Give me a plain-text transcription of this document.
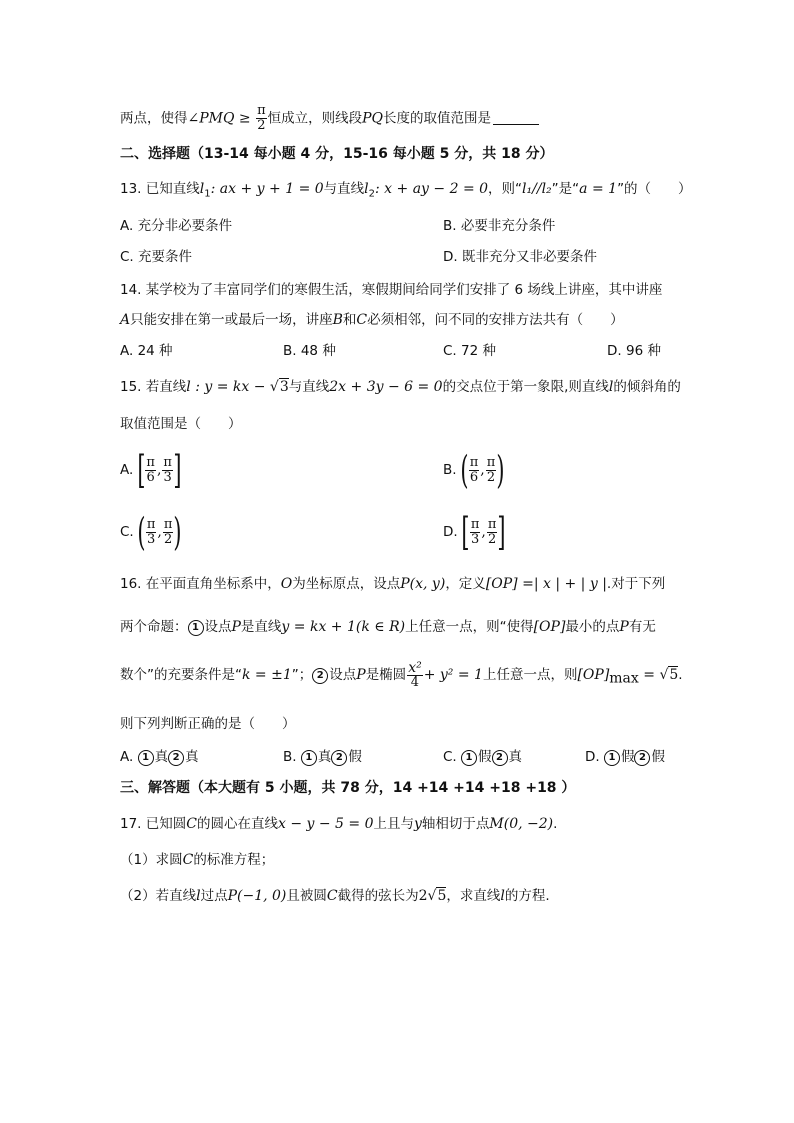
两点，使得∠PMQ ≥ $\frac{\pi}{2}$ 恒成立，则线段PQ长度的取值范围是
二、选择题（13-14 每小题 4 分，15-16 每小题 5 分，共 18 分）
13. 已知直线$l_1$: ax + y + 1 = 0与直线$l_2$: x + ay − 2 = 0，则“l₁//l₂”是“a = 1”的（　　）
A. 充分非必要条件	B. 必要非充分条件
C. 充要条件	D. 既非充分又非必要条件
14. 某学校为了丰富同学们的寒假生活，寒假期间给同学们安排了 6 场线上讲座，其中讲座
A只能安排在第一或最后一场，讲座B和C必须相邻，问不同的安排方法共有（　　）
A. 24 种	B. 48 种	C. 72 种	D. 96 种
15. 若直线l : y = kx − √3与直线2x + 3y − 6 = 0的交点位于第一象限,则直线l的倾斜角的
取值范围是（　　）
A. [ $\frac{\pi}{6}$ , $\frac{\pi}{3}$ ]	B. ( $\frac{\pi}{6}$ , $\frac{\pi}{2}$ )
C. ( $\frac{\pi}{3}$ , $\frac{\pi}{2}$ )	D. [ $\frac{\pi}{3}$ , $\frac{\pi}{2}$ ]
16. 在平面直角坐标系中，O为坐标原点，设点P(x, y)，定义[OP] =| x | + | y |.对于下列
两个命题： 1 设点P是直线y = kx + 1(k ∈ R)上任意一点，则“使得[OP]最小的点P有无
数个”的充要条件是“k = ±1”； 2 设点P是椭圆 $\frac{\text{x²}}{4} + y^2 = 1$上任意一点，则$[OP]_{max} = √5$.
则下列判断正确的是（　　）
A. 1 真 2 真	B. 1 真 2 假	C. 1 假 2 真	D. 1 假 2 假
三、解答题（本大题有 5 小题，共 78 分，14 +14 +14 +18 +18 ）
17. 已知圆C的圆心在直线x − y − 5 = 0上且与y轴相切于点M(0, −2).
（1）求圆C的标准方程；
（2）若直线l过点P(−1, 0)且被圆C截得的弦长为2√5，求直线l的方程.
